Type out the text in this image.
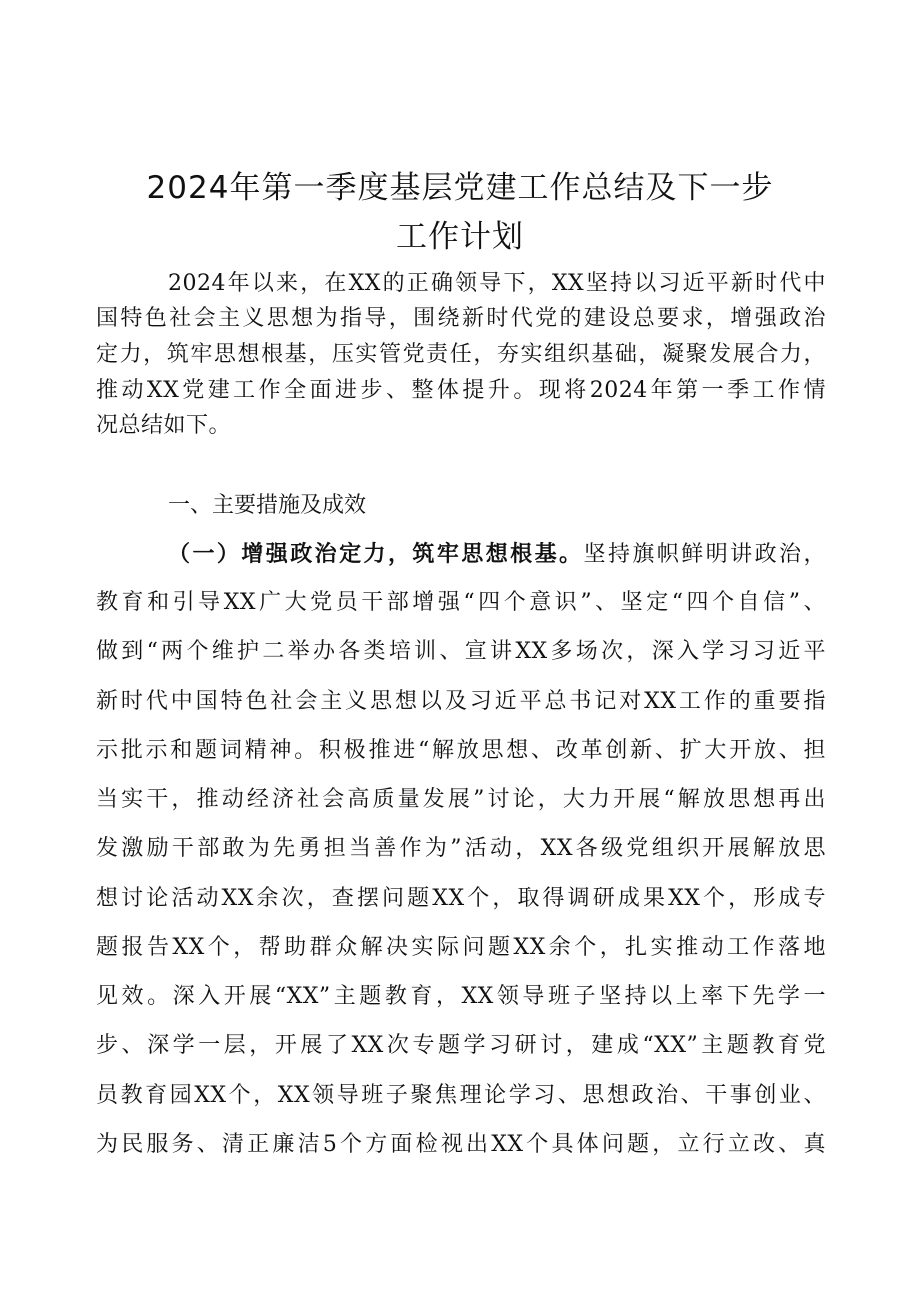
2024年第一季度基层党建工作总结及下一步
工作计划
2024年以来，在XX的正确领导下，XX坚持以习近平新时代中
国特色社会主义思想为指导，围绕新时代党的建设总要求，增强政治
定力，筑牢思想根基，压实管党责任，夯实组织基础，凝聚发展合力，
推动XX党建工作全面进步、整体提升。现将2024年第一季工作情
况总结如下。
一、主要措施及成效
（一）增强政治定力，筑牢思想根基。坚持旗帜鲜明讲政治，
教育和引导XX广大党员干部增强“四个意识”、坚定“四个自信”、
做到“两个维护二举办各类培训、宣讲XX多场次，深入学习习近平
新时代中国特色社会主义思想以及习近平总书记对XX工作的重要指
示批示和题词精神。积极推进“解放思想、改革创新、扩大开放、担
当实干，推动经济社会高质量发展”讨论，大力开展“解放思想再出
发激励干部敢为先勇担当善作为”活动，XX各级党组织开展解放思
想讨论活动XX余次，查摆问题XX个，取得调研成果XX个，形成专
题报告XX个，帮助群众解决实际问题XX余个，扎实推动工作落地
见效。深入开展“XX”主题教育，XX领导班子坚持以上率下先学一
步、深学一层，开展了XX次专题学习研讨，建成“XX”主题教育党
员教育园XX个，XX领导班子聚焦理论学习、思想政治、干事创业、
为民服务、清正廉洁5个方面检视出XX个具体问题，立行立改、真
